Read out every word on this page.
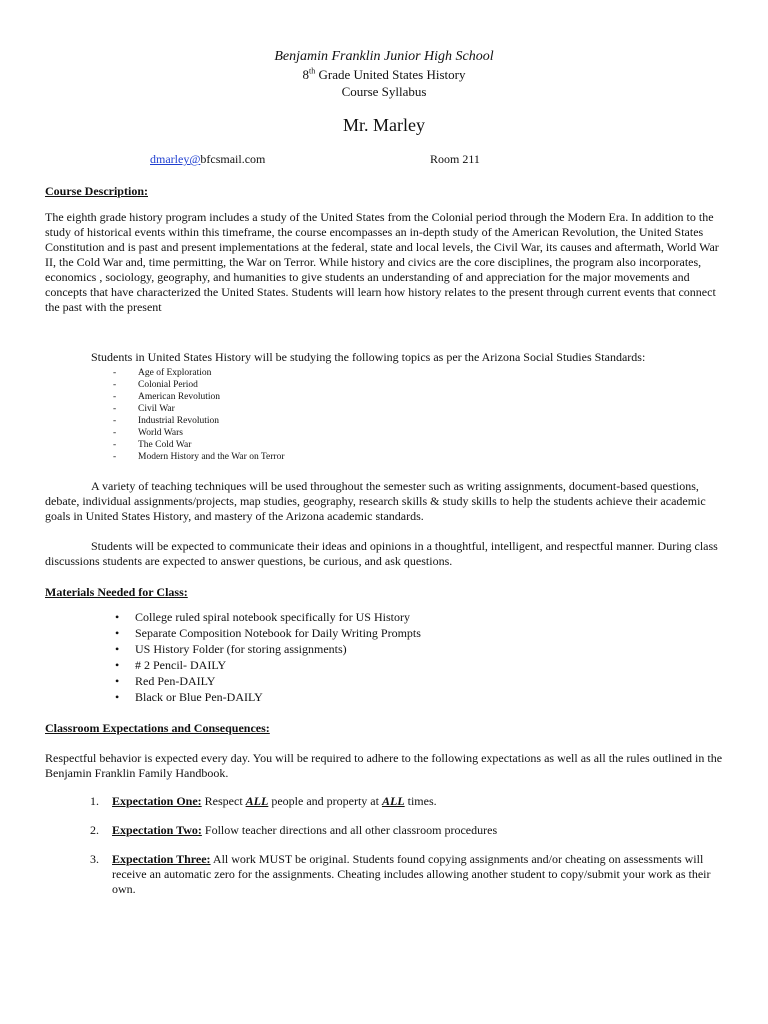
Benjamin Franklin Junior High School
8th Grade United States History
Course Syllabus
Mr. Marley
dmarley@bfcsmail.com	Room 211
Course Description:

The eighth grade history program includes a study of the United States from the Colonial period through the Modern Era. In addition to the study of historical events within this timeframe, the course encompasses an in-depth study of the American Revolution, the United States Constitution and is past and present implementations at the federal, state and local levels, the Civil War, its causes and aftermath, World War II, the Cold War and, time permitting, the War on Terror. While history and civics are the core disciplines, the program also incorporates, economics , sociology, geography, and humanities to give students an understanding of and appreciation for the major movements and concepts that have characterized the United States. Students will learn how history relates to the present through current events that connect the past with the present

Students in United States History will be studying the following topics as per the Arizona Social Studies Standards:

- Age of Exploration
- Colonial Period
- American Revolution
- Civil War
- Industrial Revolution
- World Wars
- The Cold War
- Modern History and the War on Terror

A variety of teaching techniques will be used throughout the semester such as writing assignments, document-based questions, debate, individual assignments/projects, map studies, geography, research skills & study skills to help the students achieve their academic goals in United States History, and mastery of the Arizona academic standards.

Students will be expected to communicate their ideas and opinions in a thoughtful, intelligent, and respectful manner. During class discussions students are expected to answer questions, be curious, and ask questions.

Materials Needed for Class:
• College ruled spiral notebook specifically for US History
• Separate Composition Notebook for Daily Writing Prompts
• US History Folder (for storing assignments)
• # 2 Pencil- DAILY
• Red Pen-DAILY
• Black or Blue Pen-DAILY
Classroom Expectations and Consequences:

Respectful behavior is expected every day. You will be required to adhere to the following expectations as well as all the rules outlined in the Benjamin Franklin Family Handbook.

1. Expectation One: Respect ALL people and property at ALL times.
2. Expectation Two: Follow teacher directions and all other classroom procedures
3. Expectation Three: All work MUST be original. Students found copying assignments and/or cheating on assessments will receive an automatic zero for the assignments. Cheating includes allowing another student to copy/submit your work as their own.
